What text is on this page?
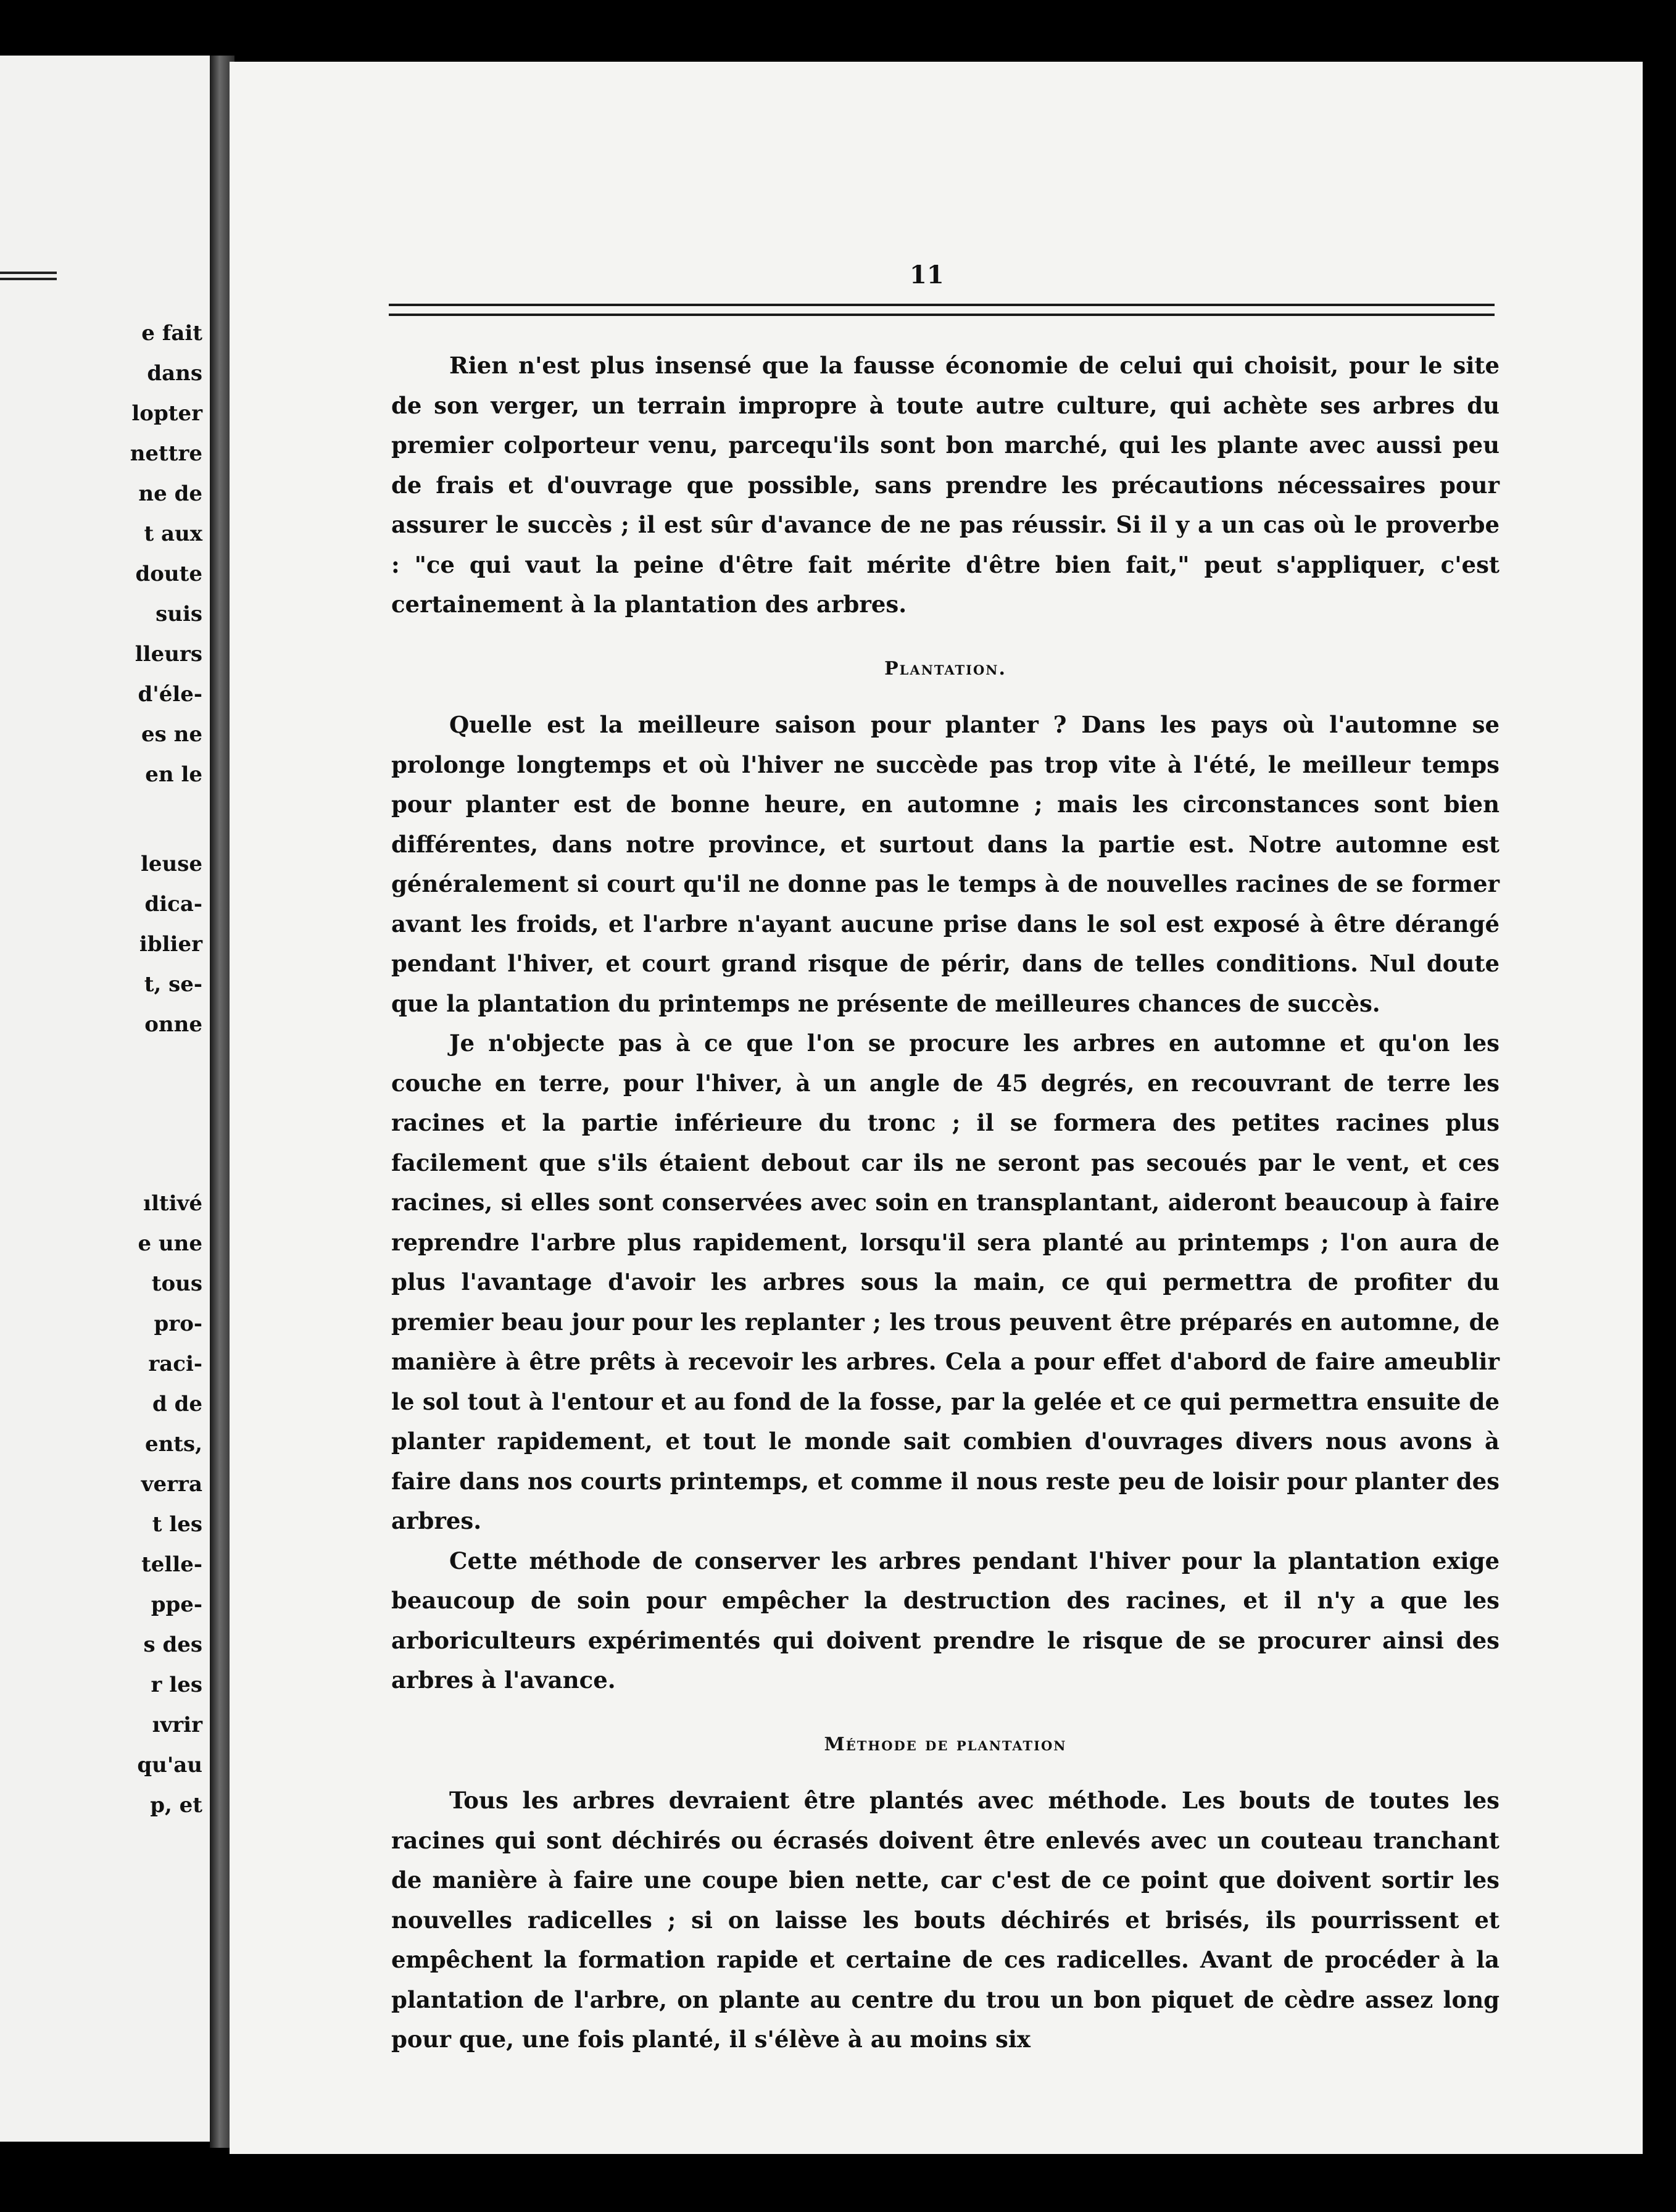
e fait
dans
lopter
nettre
ne de
t aux
doute
suis
lleurs
d'éle-
es ne
en le
leuse
dica-
iblier
t, se-
onne
ıltivé
e une
tous
pro-
raci-
d de
ents,
verra
t les
telle-
ppe-
s des
r les
ıvrir
qu'au
p, et
11

Rien n'est plus insensé que la fausse économie de celui qui choisit, pour le site de son verger, un terrain impropre à toute autre culture, qui achète ses arbres du premier colporteur venu, parcequ'ils sont bon marché, qui les plante avec aussi peu de frais et d'ouvrage que possible, sans prendre les précautions nécessaires pour assurer le succès ; il est sûr d'avance de ne pas réussir. Si il y a un cas où le proverbe : "ce qui vaut la peine d'être fait mérite d'être bien fait," peut s'appliquer, c'est certainement à la plantation des arbres.

Plantation.

Quelle est la meilleure saison pour planter ? Dans les pays où l'automne se prolonge longtemps et où l'hiver ne succède pas trop vite à l'été, le meilleur temps pour planter est de bonne heure, en automne ; mais les circonstances sont bien différentes, dans notre province, et surtout dans la partie est. Notre automne est généralement si court qu'il ne donne pas le temps à de nouvelles racines de se former avant les froids, et l'arbre n'ayant aucune prise dans le sol est exposé à être dérangé pendant l'hiver, et court grand risque de périr, dans de telles conditions. Nul doute que la plantation du printemps ne présente de meilleures chances de succès.

Je n'objecte pas à ce que l'on se procure les arbres en automne et qu'on les couche en terre, pour l'hiver, à un angle de 45 degrés, en recouvrant de terre les racines et la partie inférieure du tronc ; il se formera des petites racines plus facilement que s'ils étaient debout car ils ne seront pas secoués par le vent, et ces racines, si elles sont conservées avec soin en transplantant, aideront beaucoup à faire reprendre l'arbre plus rapidement, lorsqu'il sera planté au printemps ; l'on aura de plus l'avantage d'avoir les arbres sous la main, ce qui permettra de profiter du premier beau jour pour les replanter ; les trous peuvent être préparés en automne, de manière à être prêts à recevoir les arbres. Cela a pour effet d'abord de faire ameublir le sol tout à l'entour et au fond de la fosse, par la gelée et ce qui permettra ensuite de planter rapidement, et tout le monde sait combien d'ouvrages divers nous avons à faire dans nos courts printemps, et comme il nous reste peu de loisir pour planter des arbres.

Cette méthode de conserver les arbres pendant l'hiver pour la plantation exige beaucoup de soin pour empêcher la destruction des racines, et il n'y a que les arboriculteurs expérimentés qui doivent prendre le risque de se procurer ainsi des arbres à l'avance.

Méthode de plantation

Tous les arbres devraient être plantés avec méthode. Les bouts de toutes les racines qui sont déchirés ou écrasés doivent être enlevés avec un couteau tranchant de manière à faire une coupe bien nette, car c'est de ce point que doivent sortir les nouvelles radicelles ; si on laisse les bouts déchirés et brisés, ils pourrissent et empêchent la formation rapide et certaine de ces radicelles. Avant de procéder à la plantation de l'arbre, on plante au centre du trou un bon piquet de cèdre assez long pour que, une fois planté, il s'élève à au moins six
